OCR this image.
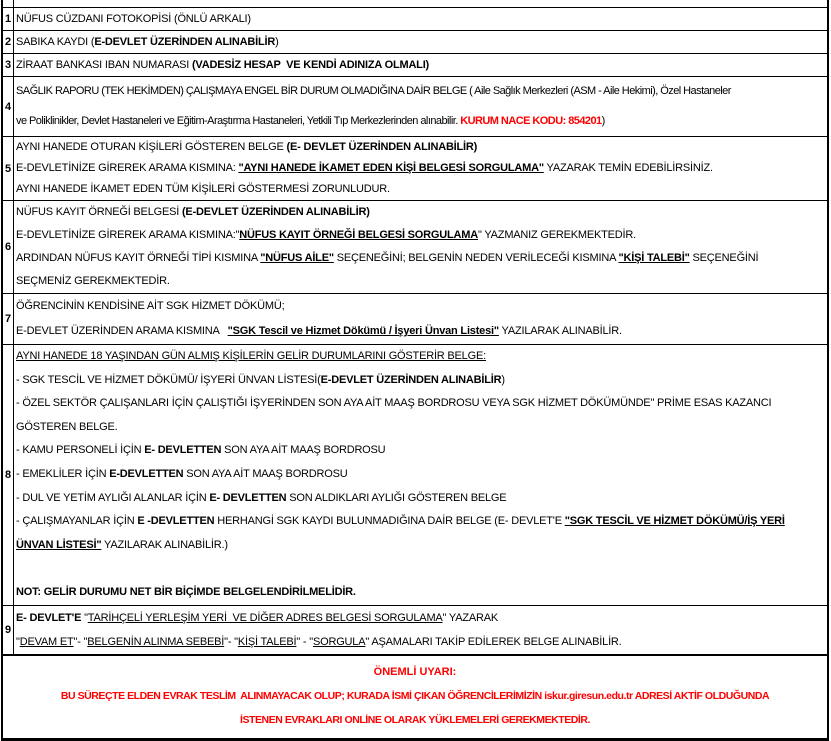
1 NÜFUS CÜZDANI FOTOKOPİSİ (ÖNLÜ ARKALI)
2 SABIKA KAYDI (E-DEVLET ÜZERİNDEN ALINABİLİR)
3 ZİRAAT BANKASI IBAN NUMARASI (VADESİZ HESAP  VE KENDİ ADINIZA OLMALI)
4
SAĞLIK RAPORU (TEK HEKİMDEN) ÇALIŞMAYA ENGEL BİR DURUM OLMADIĞINA DAİR BELGE ( Aile Sağlık Merkezleri (ASM - Aile Hekimi), Özel Hastaneler
ve Poliklinikler, Devlet Hastaneleri ve Eğitim-Araştırma Hastaneleri, Yetkili Tıp Merkezlerinden alınabilir. KURUM NACE KODU: 854201)
5
AYNI HANEDE OTURAN KİŞİLERİ GÖSTEREN BELGE (E- DEVLET ÜZERİNDEN ALINABİLİR)
E-DEVLETİNİZE GİREREK ARAMA KISMINA: "AYNI HANEDE İKAMET EDEN KİŞİ BELGESİ SORGULAMA" YAZARAK TEMİN EDEBİLİRSİNİZ.
AYNI HANEDE İKAMET EDEN TÜM KİŞİLERİ GÖSTERMESİ ZORUNLUDUR.
6
NÜFUS KAYIT ÖRNEĞİ BELGESİ (E-DEVLET ÜZERİNDEN ALINABİLİR)
E-DEVLETİNİZE GİREREK ARAMA KISMINA:"NÜFUS KAYIT ÖRNEĞİ BELGESİ SORGULAMA" YAZMANIZ GEREKMEKTEDİR.
ARDINDAN NÜFUS KAYIT ÖRNEĞİ TİPİ KISMINA "NÜFUS AİLE" SEÇENEĞİNİ; BELGENİN NEDEN VERİLECEĞİ KISMINA "KİŞİ TALEBİ" SEÇENEĞİNİ
SEÇMENİZ GEREKMEKTEDİR.
7
ÖĞRENCİNİN KENDİSİNE AİT SGK HİZMET DÖKÜMÜ;
E-DEVLET ÜZERİNDEN ARAMA KISMINA   "SGK Tescil ve Hizmet Dökümü / İşyeri Ünvan Listesi" YAZILARAK ALINABİLİR.
8
AYNI HANEDE 18 YAŞINDAN GÜN ALMIŞ KİŞİLERİN GELİR DURUMLARINI GÖSTERİR BELGE:
- SGK TESCİL VE HİZMET DÖKÜMÜ/ İŞYERİ ÜNVAN LİSTESİ(E-DEVLET ÜZERİNDEN ALINABİLİR)
- ÖZEL SEKTÖR ÇALIŞANLARI İÇİN ÇALIŞTIĞI İŞYERİNDEN SON AYA AİT MAAŞ BORDROSU VEYA SGK HİZMET DÖKÜMÜNDE" PRİME ESAS KAZANCI
GÖSTEREN BELGE.
- KAMU PERSONELİ İÇİN E- DEVLETTEN SON AYA AİT MAAŞ BORDROSU
- EMEKLİLER İÇİN E-DEVLETTEN SON AYA AİT MAAŞ BORDROSU
- DUL VE YETİM AYLIĞI ALANLAR İÇİN E- DEVLETTEN SON ALDIKLARI AYLIĞI GÖSTEREN BELGE
- ÇALIŞMAYANLAR İÇİN E -DEVLETTEN HERHANGİ SGK KAYDI BULUNMADIĞINA DAİR BELGE (E- DEVLET'E "SGK TESCİL VE HİZMET DÖKÜMÜ/İŞ YERİ
ÜNVAN LİSTESİ" YAZILARAK ALINABİLİR.)

NOT: GELİR DURUMU NET BİR BİÇİMDE BELGELENDİRİLMELİDİR.
9
E- DEVLET'E "TARİHÇELİ YERLEŞİM YERİ  VE DİĞER ADRES BELGESİ SORGULAMA" YAZARAK
"DEVAM ET"- "BELGENİN ALINMA SEBEBİ"- "KİŞİ TALEBİ" - "SORGULA" AŞAMALARI TAKİP EDİLEREK BELGE ALINABİLİR.
ÖNEMLİ UYARI:
BU SÜREÇTE ELDEN EVRAK TESLİM  ALINMAYACAK OLUP; KURADA İSMİ ÇIKAN ÖĞRENCİLERİMİZİN iskur.giresun.edu.tr ADRESİ AKTİF OLDUĞUNDA
İSTENEN EVRAKLARI ONLİNE OLARAK YÜKLEMELERİ GEREKMEKTEDİR.
